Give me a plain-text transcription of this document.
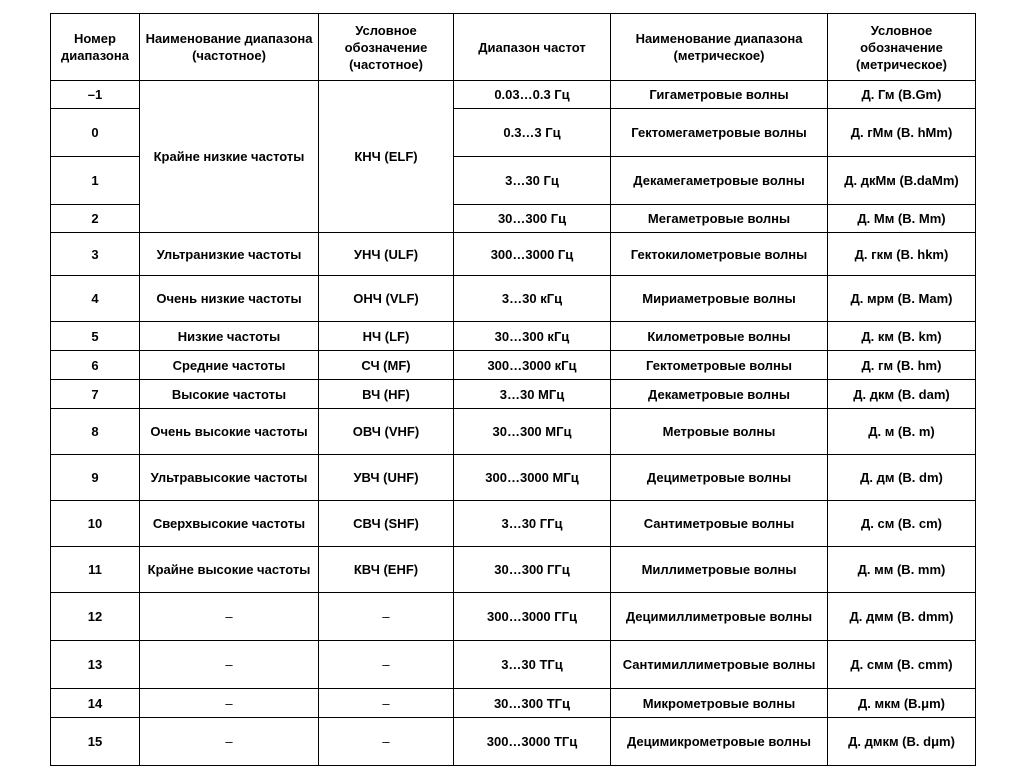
Номер диапазона	Наименование диапазона (частотное)	Условное обозначение (частотное)	Диапазон частот	Наименование диапазона (метрическое)	Условное обозначение (метрическое)
–1	Крайне низкие частоты	КНЧ (ELF)	0.03…0.3 Гц	Гигаметровые волны	Д. Гм (B.Gm)
0			0.3…3 Гц	Гектомегаметровые волны	Д. гМм (B. hMm)
1			3…30 Гц	Декамегаметровые волны	Д. дкМм (B.daMm)
2			30…300 Гц	Мегаметровые волны	Д. Мм (B. Mm)
3	Ультранизкие частоты	УНЧ (ULF)	300…3000 Гц	Гектокилометровые волны	Д. гкм (B. hkm)
4	Очень низкие частоты	ОНЧ (VLF)	3…30 кГц	Мириаметровые волны	Д. мрм (B. Mam)
5	Низкие частоты	НЧ (LF)	30…300 кГц	Километровые волны	Д. км (B. km)
6	Средние частоты	СЧ (MF)	300…3000 кГц	Гектометровые волны	Д. гм (B. hm)
7	Высокие частоты	ВЧ (HF)	3…30 МГц	Декаметровые волны	Д. дкм (B. dam)
8	Очень высокие частоты	ОВЧ (VHF)	30…300 МГц	Метровые волны	Д. м (B. m)
9	Ультравысокие частоты	УВЧ (UHF)	300…3000 МГц	Дециметровые волны	Д. дм (B. dm)
10	Сверхвысокие частоты	СВЧ (SHF)	3…30 ГГц	Сантиметровые волны	Д. см (B. cm)
11	Крайне высокие частоты	КВЧ (EHF)	30…300 ГГц	Миллиметровые волны	Д. мм (B. mm)
12	–	–	300…3000 ГГц	Децимиллиметровые волны	Д. дмм (B. dmm)
13	–	–	3…30 ТГц	Сантимиллиметровые волны	Д. смм (B. cmm)
14	–	–	30…300 ТГц	Микрометровые волны	Д. мкм (B.μm)
15	–	–	300…3000 ТГц	Децимикрометровые волны	Д. дмкм (B. dμm)
